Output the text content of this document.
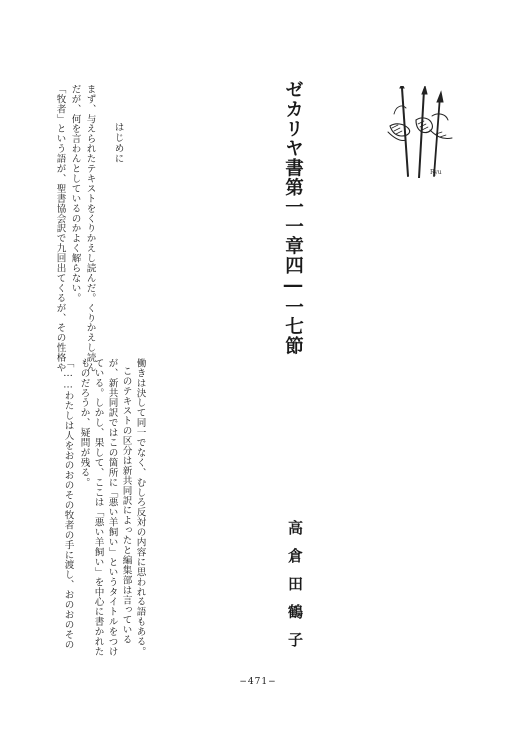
ゼカリヤ書第一一章四―一七節	Ryu
はじめに
まず、与えられたテキストをくりかえし読んだ。くりかえし読ん
だが、何を言わんとしているのかよく解らない。
「牧者」という語が、聖書協会訳で九回出てくるが、その性格や
働きは決して同一でなく、むしろ反対の内容に思われる語もある。
このテキストの区分は新共同訳によったと編集部は言っている
が、新共同訳ではこの箇所に「悪い羊飼い」というタイトルをつけ
ている。しかし、果して、ここは「悪い羊飼い」を中心に書かれた
ものだろうか、疑問が残る。
「……わたしは人をおのおのその牧者の手に渡し、おのおのその	高倉田鶴子
−471−
